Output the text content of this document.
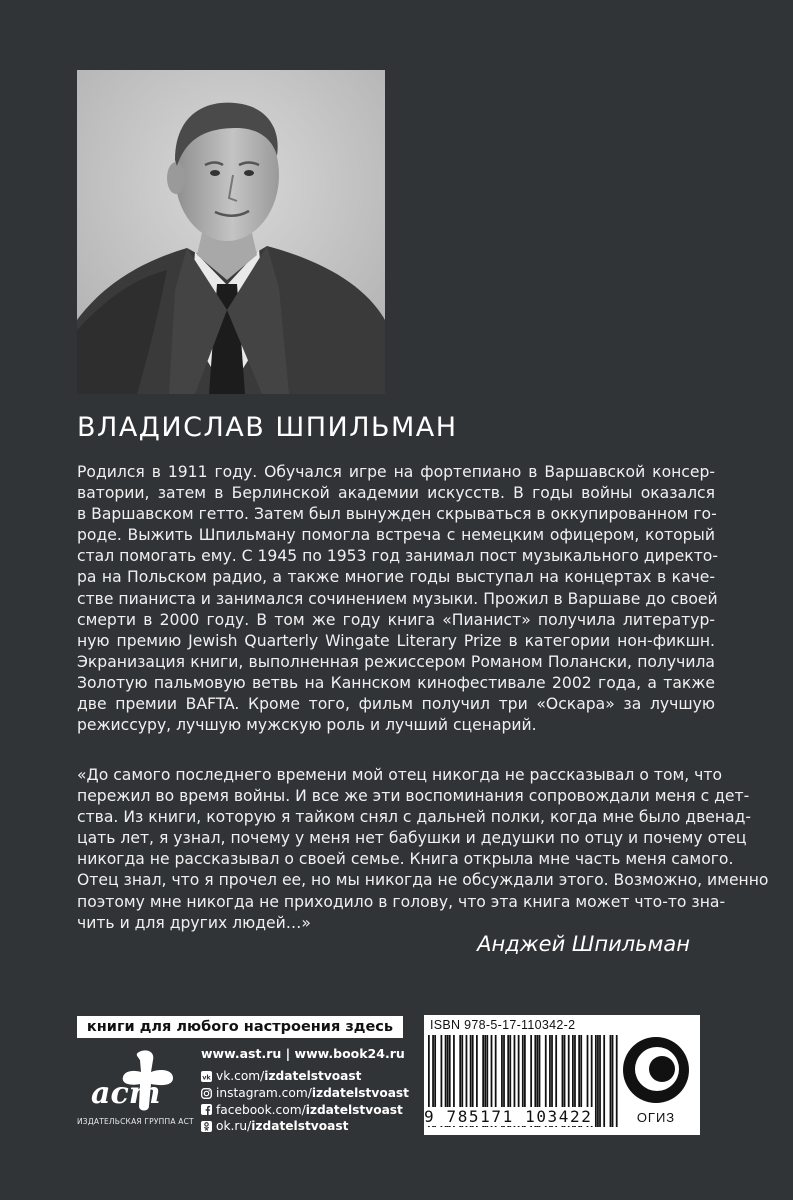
ВЛАДИСЛАВ ШПИЛЬМАН
Родился в 1911 году. Обучался игре на фортепиано в Варшавской консер-
ватории, затем в Берлинской академии искусств. В годы войны оказался
в Варшавском гетто. Затем был вынужден скрываться в оккупированном го-
роде. Выжить Шпильману помогла встреча с немецким офицером, который
стал помогать ему. С 1945 по 1953 год занимал пост музыкального директо-
ра на Польском радио, а также многие годы выступал на концертах в каче-
стве пианиста и занимался сочинением музыки. Прожил в Варшаве до своей
смерти в 2000 году. В том же году книга «Пианист» получила литератур-
ную премию Jewish Quarterly Wingate Literary Prize в категории нон-фикшн.
Экранизация книги, выполненная режиссером Романом Полански, получила
Золотую пальмовую ветвь на Каннском кинофестивале 2002 года, а также
две премии BAFTA. Кроме того, фильм получил три «Оскара» за лучшую
режиссуру, лучшую мужскую роль и лучший сценарий.
«До самого последнего времени мой отец никогда не рассказывал о том, что
пережил во время войны. И все же эти воспоминания сопровождали меня с дет-
ства. Из книги, которую я тайком снял с дальней полки, когда мне было двенад-
цать лет, я узнал, почему у меня нет бабушки и дедушки по отцу и почему отец
никогда не рассказывал о своей семье. Книга открыла мне часть меня самого.
Отец знал, что я прочел ее, но мы никогда не обсуждали этого. Возможно, именно
поэтому мне никогда не приходило в голову, что эта книга может что-то зна-
чить и для других людей…»
Анджей Шпильман
книги для любого настроения здесь
аст
ИЗДАТЕЛЬСКАЯ ГРУППА АСТ
www.ast.ru | www.book24.ru
vk vk.com/izdatelstvoast
instagram.com/izdatelstvoast
facebook.com/izdatelstvoast
ok.ru/izdatelstvoast
ISBN 978-5-17-110342-2
9 785171 103422	ОГИЗ
